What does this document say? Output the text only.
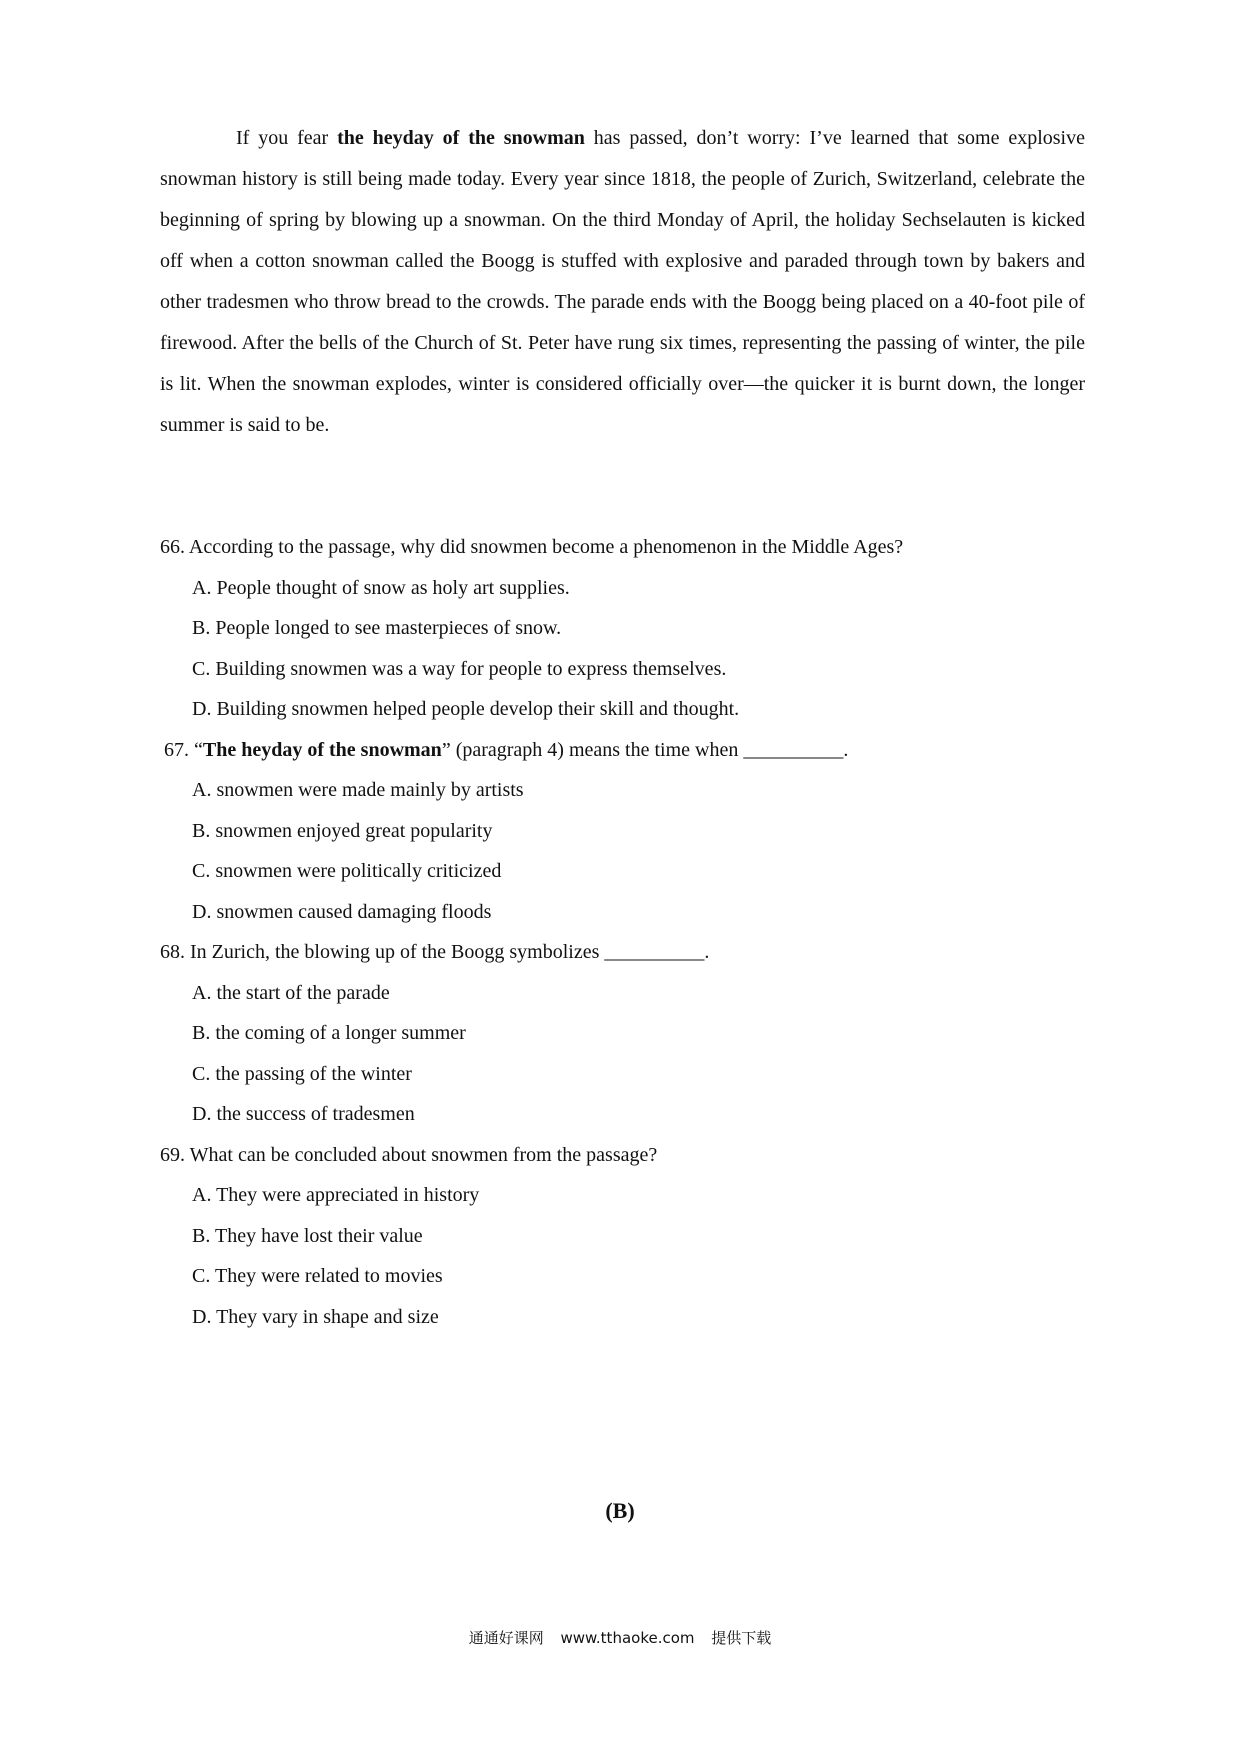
If you fear the heyday of the snowman has passed, don’t worry: I’ve learned that some explosive snowman history is still being made today. Every year since 1818, the people of Zurich, Switzerland, celebrate the beginning of spring by blowing up a snowman. On the third Monday of April, the holiday Sechselauten is kicked off when a cotton snowman called the Boogg is stuffed with explosive and paraded through town by bakers and other tradesmen who throw bread to the crowds. The parade ends with the Boogg being placed on a 40-foot pile of firewood. After the bells of the Church of St. Peter have rung six times, representing the passing of winter, the pile is lit. When the snowman explodes, winter is considered officially over—the quicker it is burnt down, the longer summer is said to be.

66. According to the passage, why did snowmen become a phenomenon in the Middle Ages?
A. People thought of snow as holy art supplies.
B. People longed to see masterpieces of snow.
C. Building snowmen was a way for people to express themselves.
D. Building snowmen helped people develop their skill and thought.
67. “The heyday of the snowman” (paragraph 4) means the time when __________.
A. snowmen were made mainly by artists
B. snowmen enjoyed great popularity
C. snowmen were politically criticized
D. snowmen caused damaging floods
68. In Zurich, the blowing up of the Boogg symbolizes __________.
A. the start of the parade
B. the coming of a longer summer
C. the passing of the winter
D. the success of tradesmen
69. What can be concluded about snowmen from the passage?
A. They were appreciated in history
B. They have lost their value
C. They were related to movies
D. They vary in shape and size
(B)
通通好课网 www.tthaoke.com 提供下载
